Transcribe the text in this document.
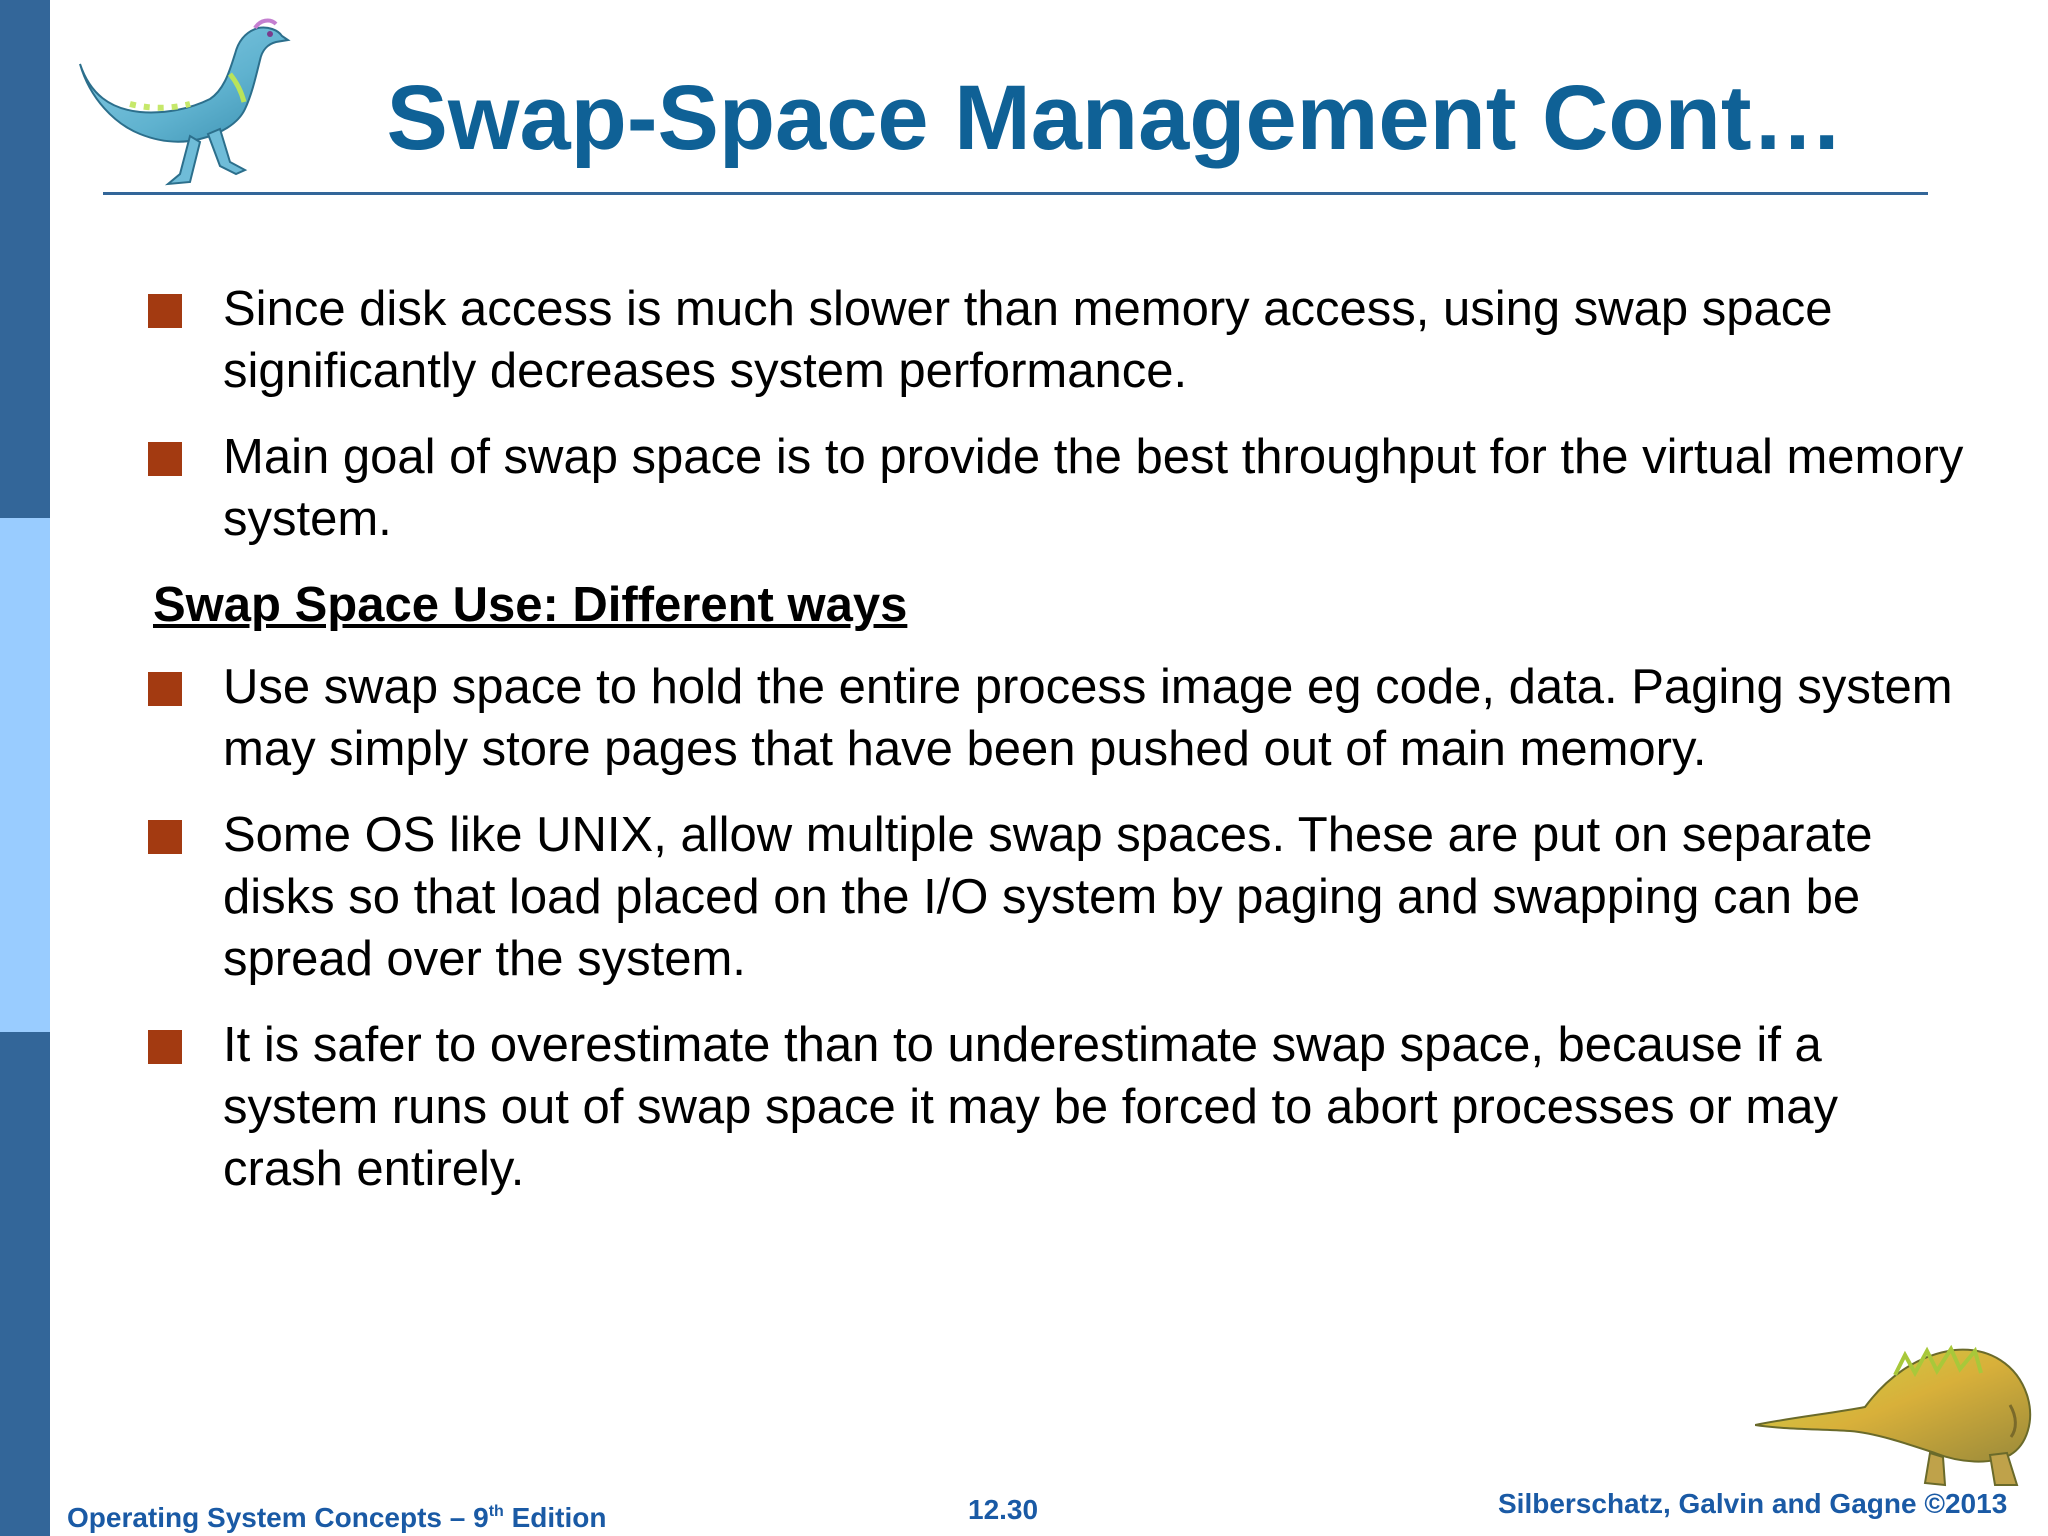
Swap-Space Management Cont…
Since disk access is much slower than memory access, using swap space significantly decreases system performance.
Main goal of swap space is to provide the best throughput for the virtual memory system.
Swap Space Use: Different ways
Use swap space to hold the entire process image eg code, data. Paging system may simply store pages that have been pushed out of main memory.
Some OS like UNIX, allow multiple swap spaces. These are put on separate disks so that load placed on the I/O system by paging and swapping can be spread over the system.
It is safer to overestimate than to underestimate swap space, because if a system runs out of swap space it may be forced to abort processes or may crash entirely.
Operating System Concepts – 9th Edition	12.30	Silberschatz, Galvin and Gagne ©2013
